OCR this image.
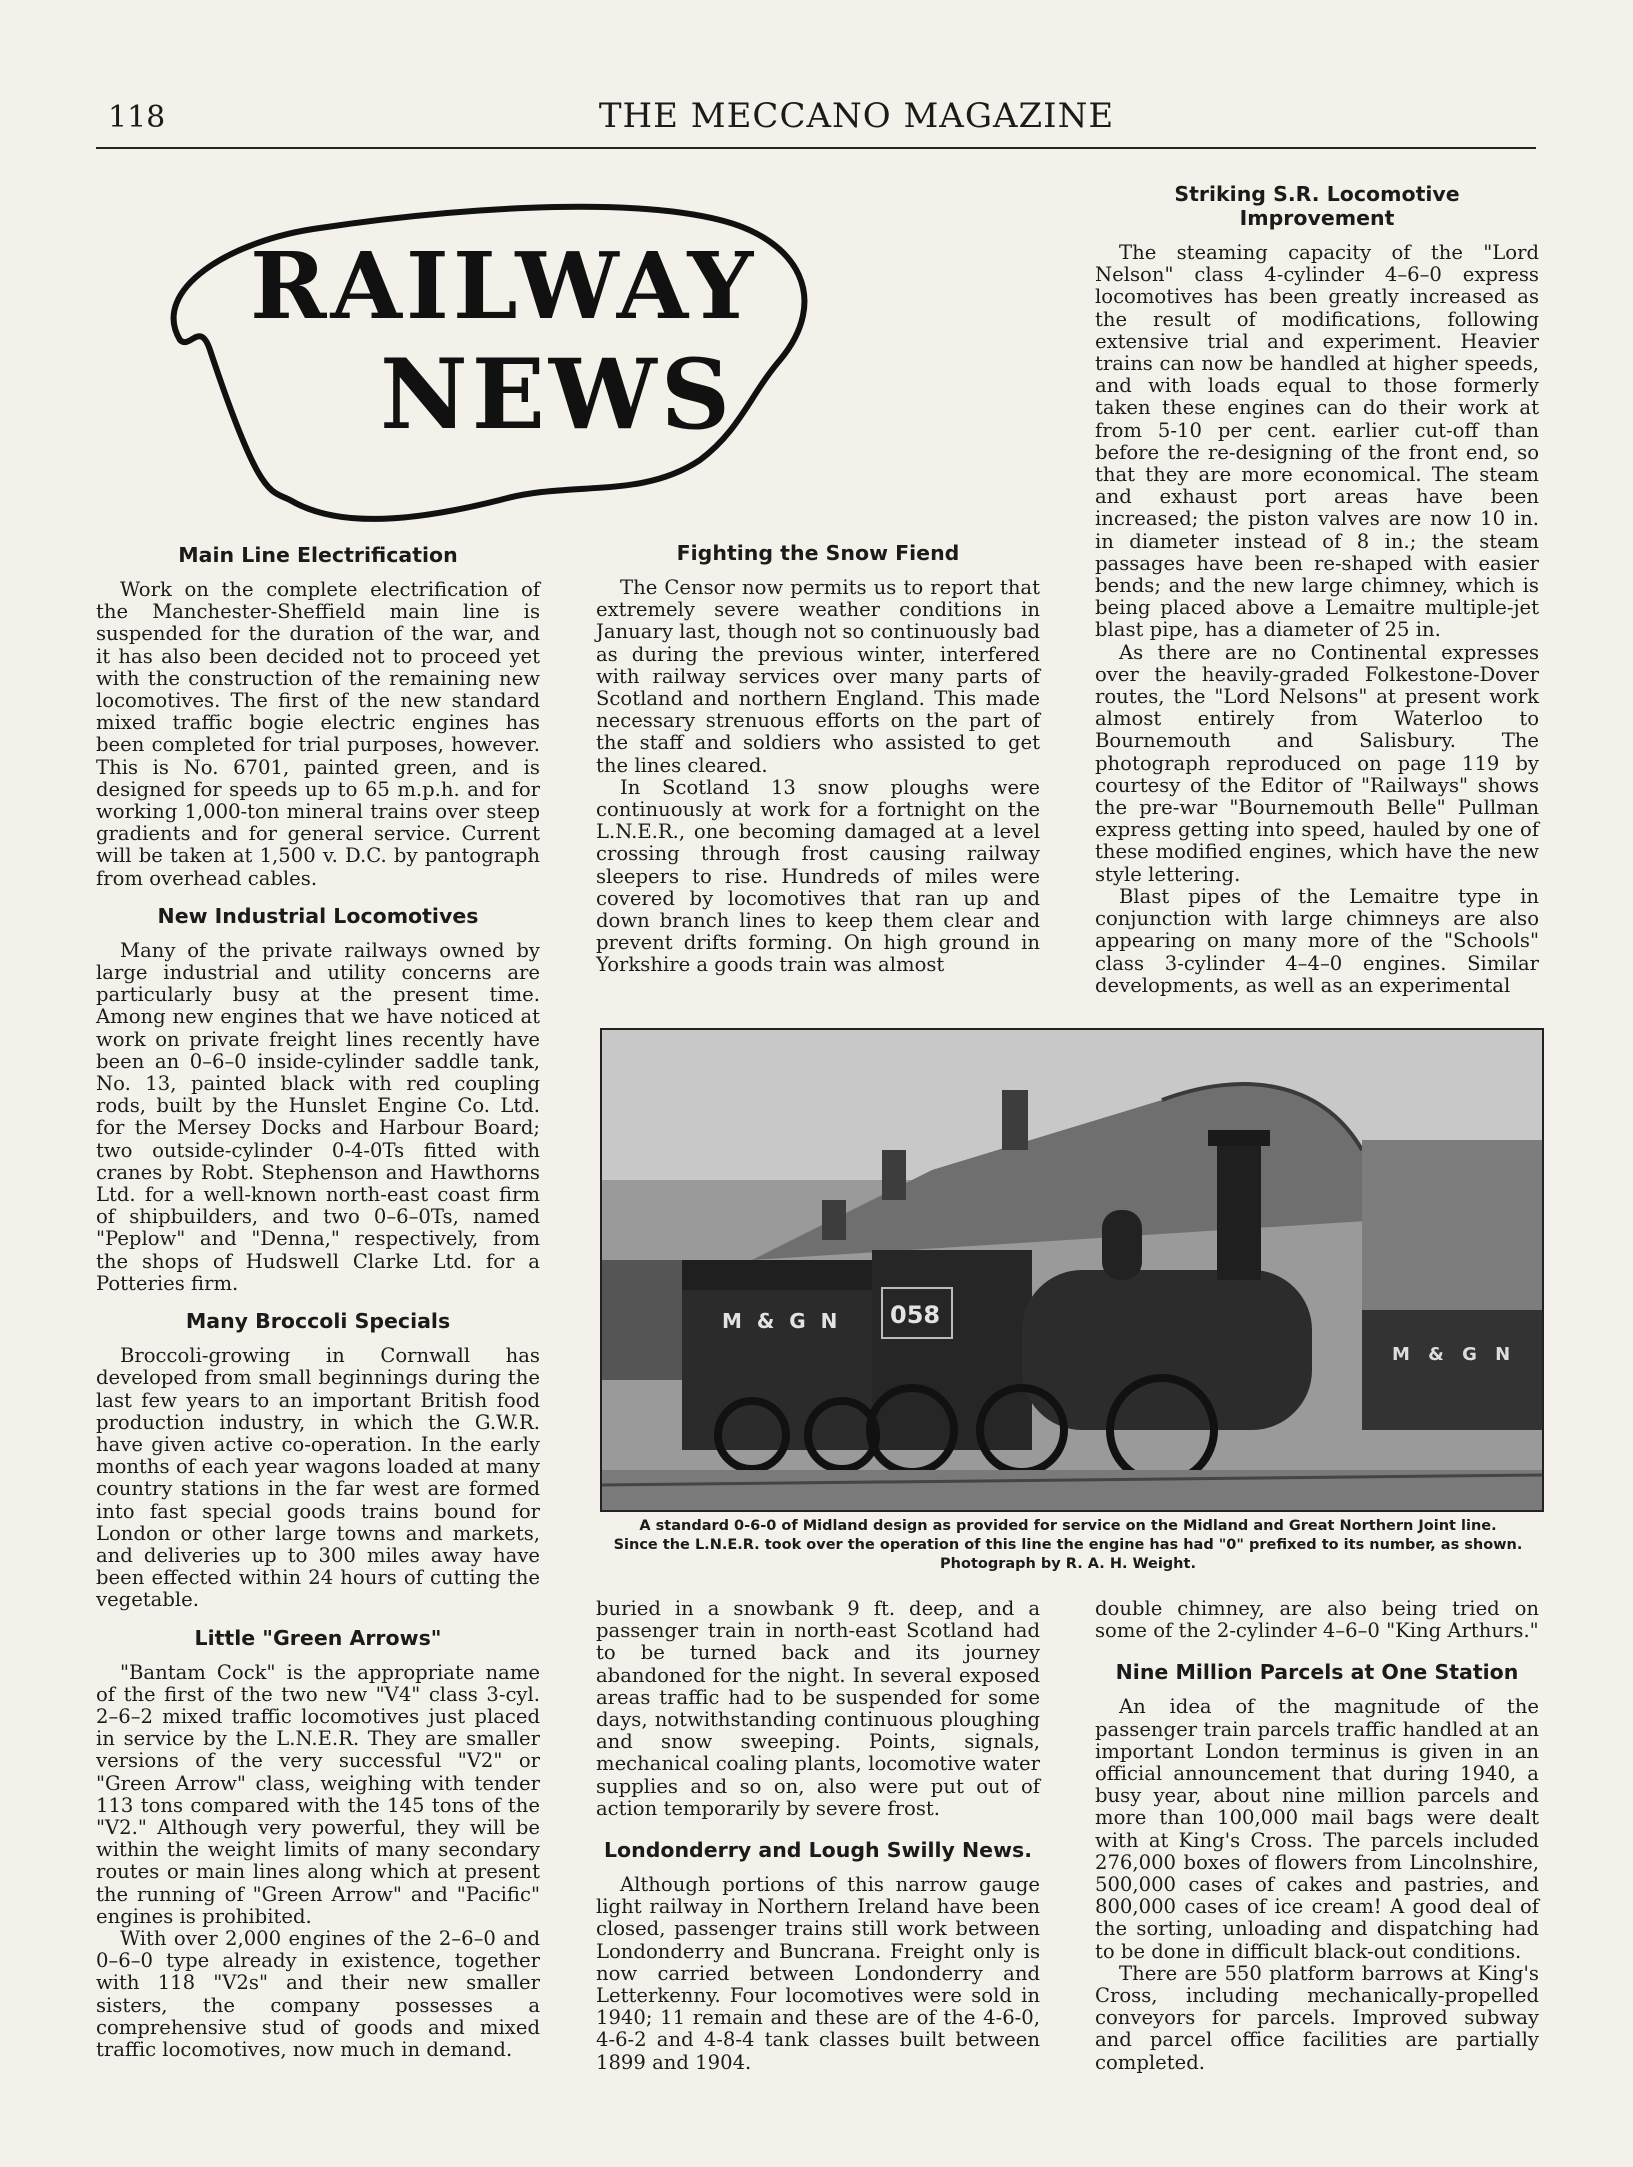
118	THE MECCANO MAGAZINE
RAILWAY
NEWS
Main Line Electrification

Work on the complete electrification of the Manchester-Sheffield main line is suspended for the duration of the war, and it has also been decided not to proceed yet with the construction of the remaining new locomotives. The first of the new standard mixed traffic bogie electric engines has been completed for trial purposes, however. This is No. 6701, painted green, and is designed for speeds up to 65 m.p.h. and for working 1,000-ton mineral trains over steep gradients and for general service. Current will be taken at 1,500 v. D.C. by pantograph from overhead cables.

New Industrial Locomotives

Many of the private railways owned by large industrial and utility concerns are particularly busy at the present time. Among new engines that we have noticed at work on private freight lines recently have been an 0–6–0 inside-cylinder saddle tank, No. 13, painted black with red coupling rods, built by the Hunslet Engine Co. Ltd. for the Mersey Docks and Harbour Board; two outside-cylinder 0-4-0Ts fitted with cranes by Robt. Stephenson and Hawthorns Ltd. for a well-known north-east coast firm of shipbuilders, and two 0–6–0Ts, named "Peplow" and "Denna," respectively, from the shops of Hudswell Clarke Ltd. for a Potteries firm.

Many Broccoli Specials

Broccoli-growing in Cornwall has developed from small beginnings during the last few years to an important British food production industry, in which the G.W.R. have given active co-operation. In the early months of each year wagons loaded at many country stations in the far west are formed into fast special goods trains bound for London or other large towns and markets, and deliveries up to 300 miles away have been effected within 24 hours of cutting the vegetable.

Little "Green Arrows"

"Bantam Cock" is the appropriate name of the first of the two new "V4" class 3-cyl. 2–6–2 mixed traffic locomotives just placed in service by the L.N.E.R. They are smaller versions of the very successful "V2" or "Green Arrow" class, weighing with tender 113 tons compared with the 145 tons of the "V2." Although very powerful, they will be within the weight limits of many secondary routes or main lines along which at present the running of "Green Arrow" and "Pacific" engines is prohibited.

With over 2,000 engines of the 2–6–0 and 0–6–0 type already in existence, together with 118 "V2s" and their new smaller sisters, the company possesses a comprehensive stud of goods and mixed traffic locomotives, now much in demand.

Fighting the Snow Fiend

The Censor now permits us to report that extremely severe weather conditions in January last, though not so continuously bad as during the previous winter, interfered with railway services over many parts of Scotland and northern England. This made necessary strenuous efforts on the part of the staff and soldiers who assisted to get the lines cleared.

In Scotland 13 snow ploughs were continuously at work for a fortnight on the L.N.E.R., one becoming damaged at a level crossing through frost causing railway sleepers to rise. Hundreds of miles were covered by locomotives that ran up and down branch lines to keep them clear and prevent drifts forming. On high ground in Yorkshire a goods train was almost

Striking S.R. Locomotive Improvement

The steaming capacity of the "Lord Nelson" class 4-cylinder 4–6–0 express locomotives has been greatly increased as the result of modifications, following extensive trial and experiment. Heavier trains can now be handled at higher speeds, and with loads equal to those formerly taken these engines can do their work at from 5-10 per cent. earlier cut-off than before the re-designing of the front end, so that they are more economical. The steam and exhaust port areas have been increased; the piston valves are now 10 in. in diameter instead of 8 in.; the steam passages have been re-shaped with easier bends; and the new large chimney, which is being placed above a Lemaitre multiple-jet blast pipe, has a diameter of 25 in.

As there are no Continental expresses over the heavily-graded Folkestone-Dover routes, the "Lord Nelsons" at present work almost entirely from Waterloo to Bournemouth and Salisbury. The photograph reproduced on page 119 by courtesy of the Editor of "Railways" shows the pre-war "Bournemouth Belle" Pullman express getting into speed, hauled by one of these modified engines, which have the new style lettering.

Blast pipes of the Lemaitre type in conjunction with large chimneys are also appearing on many more of the "Schools" class 3-cylinder 4–4–0 engines. Similar developments, as well as an experimental

M & G N 058
M & G N
A standard 0-6-0 of Midland design as provided for service on the Midland and Great Northern Joint line.
Since the L.N.E.R. took over the operation of this line the engine has had "0" prefixed to its number, as shown.
Photograph by R. A. H. Weight.

buried in a snowbank 9 ft. deep, and a passenger train in north-east Scotland had to be turned back and its journey abandoned for the night. In several exposed areas traffic had to be suspended for some days, notwithstanding continuous ploughing and snow sweeping. Points, signals, mechanical coaling plants, locomotive water supplies and so on, also were put out of action temporarily by severe frost.

Londonderry and Lough Swilly News.

Although portions of this narrow gauge light railway in Northern Ireland have been closed, passenger trains still work between Londonderry and Buncrana. Freight only is now carried between Londonderry and Letterkenny. Four locomotives were sold in 1940; 11 remain and these are of the 4-6-0, 4-6-2 and 4-8-4 tank classes built between 1899 and 1904.

double chimney, are also being tried on some of the 2-cylinder 4–6–0 "King Arthurs."

Nine Million Parcels at One Station

An idea of the magnitude of the passenger train parcels traffic handled at an important London terminus is given in an official announcement that during 1940, a busy year, about nine million parcels and more than 100,000 mail bags were dealt with at King's Cross. The parcels included 276,000 boxes of flowers from Lincolnshire, 500,000 cases of cakes and pastries, and 800,000 cases of ice cream! A good deal of the sorting, unloading and dispatching had to be done in difficult black-out conditions.

There are 550 platform barrows at King's Cross, including mechanically-propelled conveyors for parcels. Improved subway and parcel office facilities are partially completed.
